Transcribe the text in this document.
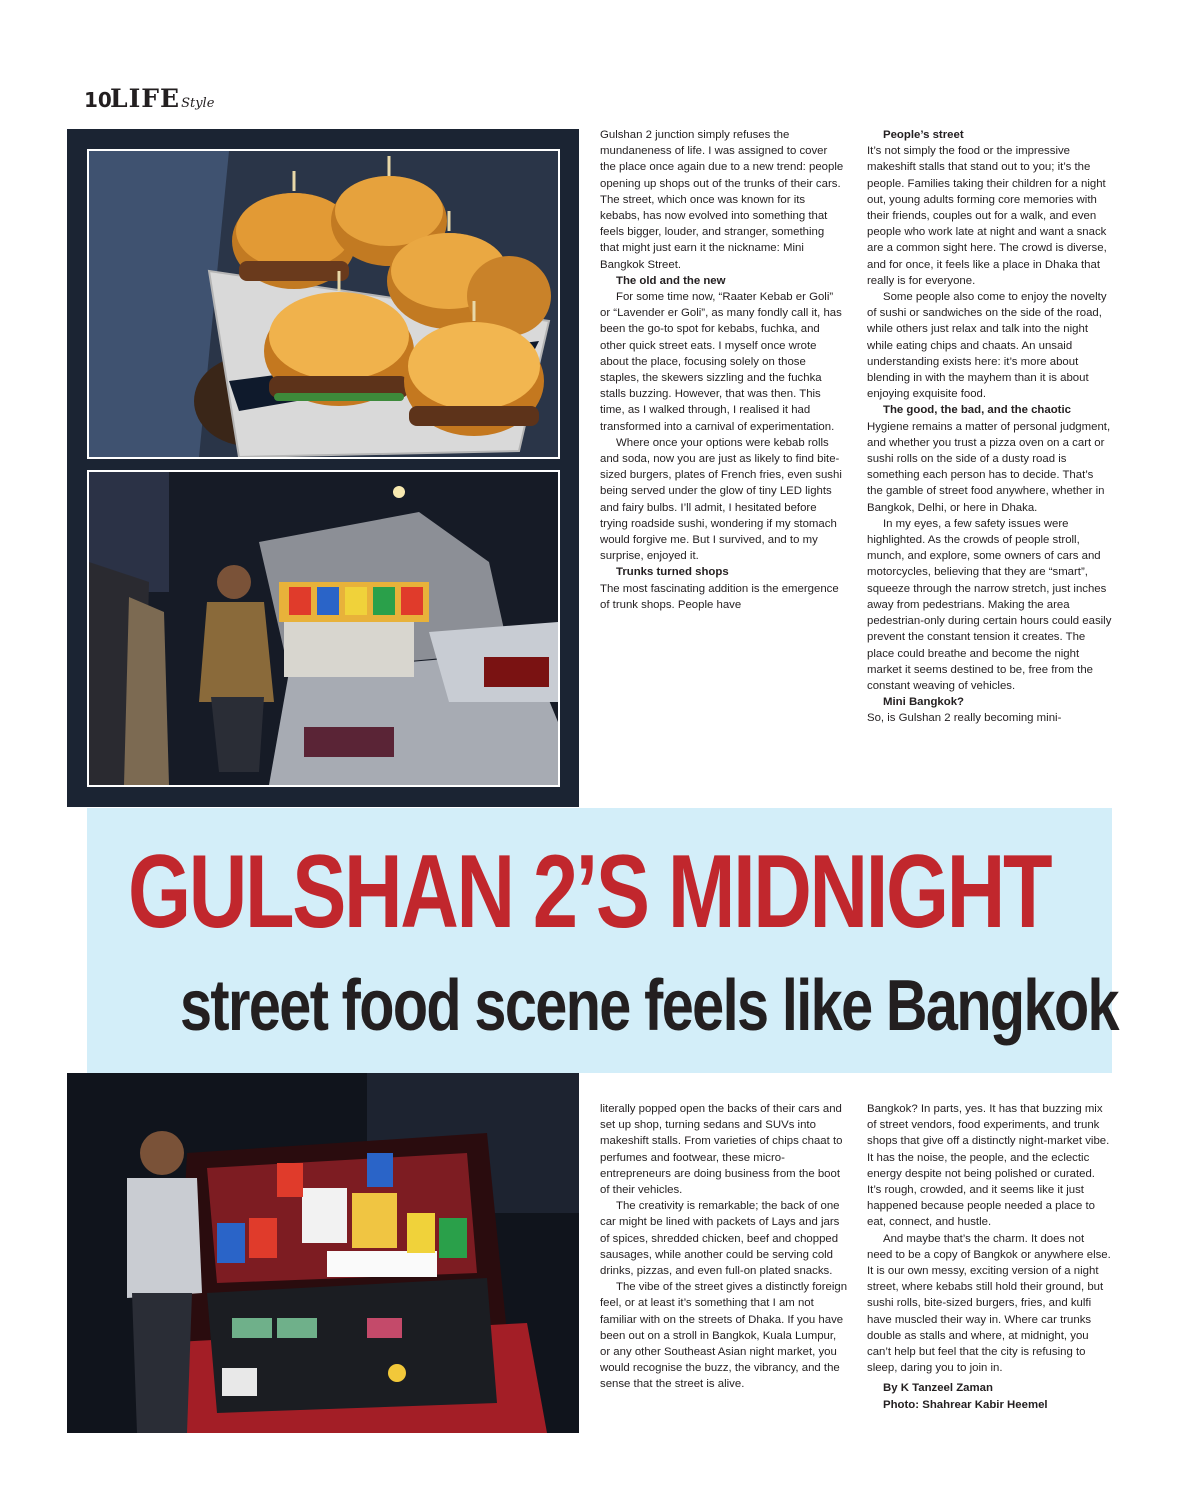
10
LIFEStyle

Gulshan 2 junction simply refuses the mundaneness of life. I was assigned to cover the place once again due to a new trend: people opening up shops out of the trunks of their cars. The street, which once was known for its kebabs, has now evolved into something that feels bigger, louder, and stranger, something that might just earn it the nickname: Mini Bangkok Street.

The old and the new

For some time now, “Raater Kebab er Goli” or “Lavender er Goli”, as many fondly call it, has been the go-to spot for kebabs, fuchka, and other quick street eats. I myself once wrote about the place, focusing solely on those staples, the skewers sizzling and the fuchka stalls buzzing. However, that was then. This time, as I walked through, I realised it had transformed into a carnival of experimentation.

Where once your options were kebab rolls and soda, now you are just as likely to find bite-sized burgers, plates of French fries, even sushi being served under the glow of tiny LED lights and fairy bulbs. I’ll admit, I hesitated before trying roadside sushi, wondering if my stomach would forgive me. But I survived, and to my surprise, enjoyed it.

Trunks turned shops

The most fascinating addition is the emergence of trunk shops. People have

People’s street

It’s not simply the food or the impressive makeshift stalls that stand out to you; it’s the people. Families taking their children for a night out, young adults forming core memories with their friends, couples out for a walk, and even people who work late at night and want a snack are a common sight here. The crowd is diverse, and for once, it feels like a place in Dhaka that really is for everyone.

Some people also come to enjoy the novelty of sushi or sandwiches on the side of the road, while others just relax and talk into the night while eating chips and chaats. An unsaid understanding exists here: it’s more about blending in with the mayhem than it is about enjoying exquisite food.

The good, the bad, and the chaotic

Hygiene remains a matter of personal judgment, and whether you trust a pizza oven on a cart or sushi rolls on the side of a dusty road is something each person has to decide. That’s the gamble of street food anywhere, whether in Bangkok, Delhi, or here in Dhaka.

In my eyes, a few safety issues were highlighted. As the crowds of people stroll, munch, and explore, some owners of cars and motorcycles, believing that they are “smart”, squeeze through the narrow stretch, just inches away from pedestrians. Making the area pedestrian-only during certain hours could easily prevent the constant tension it creates. The place could breathe and become the night market it seems destined to be, free from the constant weaving of vehicles.

Mini Bangkok?

So, is Gulshan 2 really becoming mini-

GULSHAN 2’S MIDNIGHT
street food scene feels like Bangkok

literally popped open the backs of their cars and set up shop, turning sedans and SUVs into makeshift stalls. From varieties of chips chaat to perfumes and footwear, these micro-entrepreneurs are doing business from the boot of their vehicles.

The creativity is remarkable; the back of one car might be lined with packets of Lays and jars of spices, shredded chicken, beef and chopped sausages, while another could be serving cold drinks, pizzas, and even full-on plated snacks.

The vibe of the street gives a distinctly foreign feel, or at least it’s something that I am not familiar with on the streets of Dhaka. If you have been out on a stroll in Bangkok, Kuala Lumpur, or any other Southeast Asian night market, you would recognise the buzz, the vibrancy, and the sense that the street is alive.

Bangkok? In parts, yes. It has that buzzing mix of street vendors, food experiments, and trunk shops that give off a distinctly night-market vibe. It has the noise, the people, and the eclectic energy despite not being polished or curated. It’s rough, crowded, and it seems like it just happened because people needed a place to eat, connect, and hustle.

And maybe that’s the charm. It does not need to be a copy of Bangkok or anywhere else. It is our own messy, exciting version of a night street, where kebabs still hold their ground, but sushi rolls, bite-sized burgers, fries, and kulfi have muscled their way in. Where car trunks double as stalls and where, at midnight, you can’t help but feel that the city is refusing to sleep, daring you to join in.

By K Tanzeel Zaman

Photo: Shahrear Kabir Heemel
